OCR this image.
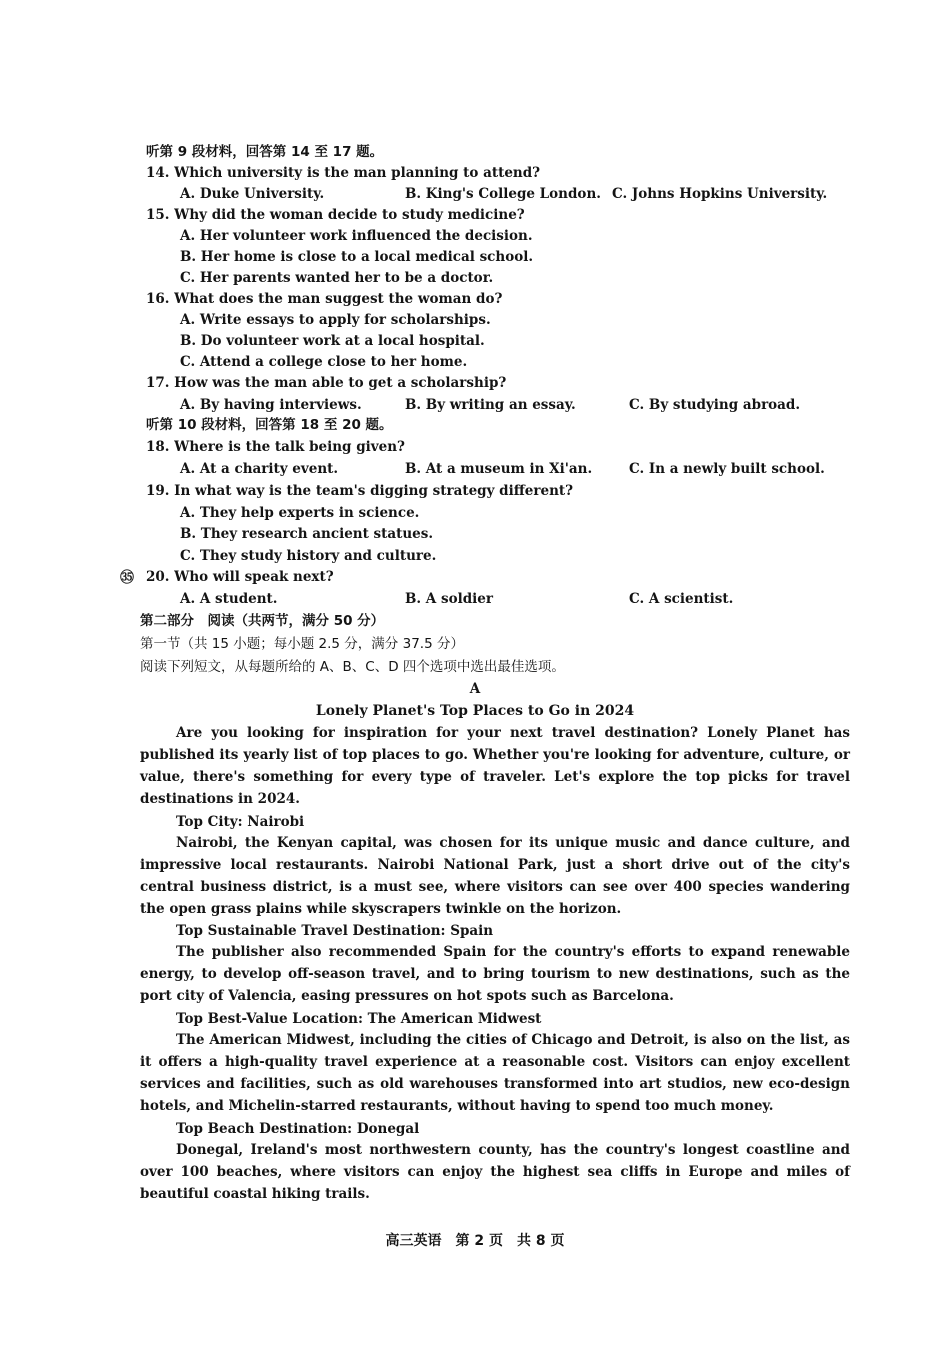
听第 9 段材料，回答第 14 至 17 题。
14. Which university is the man planning to attend?
A. Duke University.	B. King's College London. C. Johns Hopkins University.
15. Why did the woman decide to study medicine?
A. Her volunteer work influenced the decision.
B. Her home is close to a local medical school.
C. Her parents wanted her to be a doctor.
16. What does the man suggest the woman do?
A. Write essays to apply for scholarships.
B. Do volunteer work at a local hospital.
C. Attend a college close to her home.
17. How was the man able to get a scholarship?
A. By having interviews.	B. By writing an essay.	C. By studying abroad.
听第 10 段材料，回答第 18 至 20 题。
18. Where is the talk being given?
A. At a charity event.	B. At a museum in Xi'an.	C. In a newly built school.
19. In what way is the team's digging strategy different?
A. They help experts in science.
B. They research ancient statues.
C. They study history and culture.
㉟ 20. Who will speak next?
A. A student.	B. A soldier	C. A scientist.
第二部分　阅读（共两节，满分 50 分）
第一节（共 15 小题；每小题 2.5 分，满分 37.5 分）
阅读下列短文，从每题所给的 A、B、C、D 四个选项中选出最佳选项。
A
Lonely Planet's Top Places to Go in 2024
Are you looking for inspiration for your next travel destination? Lonely Planet has published its yearly list of top places to go. Whether you're looking for adventure, culture, or value, there's something for every type of traveler. Let's explore the top picks for travel destinations in 2024.
Top City: Nairobi
Nairobi, the Kenyan capital, was chosen for its unique music and dance culture, and impressive local restaurants. Nairobi National Park, just a short drive out of the city's central business district, is a must see, where visitors can see over 400 species wandering the open grass plains while skyscrapers twinkle on the horizon.
Top Sustainable Travel Destination: Spain
The publisher also recommended Spain for the country's efforts to expand renewable energy, to develop off-season travel, and to bring tourism to new destinations, such as the port city of Valencia, easing pressures on hot spots such as Barcelona.
Top Best-Value Location: The American Midwest
The American Midwest, including the cities of Chicago and Detroit, is also on the list, as it offers a high-quality travel experience at a reasonable cost. Visitors can enjoy excellent services and facilities, such as old warehouses transformed into art studios, new eco-design hotels, and Michelin-starred restaurants, without having to spend too much money.
Top Beach Destination: Donegal
Donegal, Ireland's most northwestern county, has the country's longest coastline and over 100 beaches, where visitors can enjoy the highest sea cliffs in Europe and miles of beautiful coastal hiking trails.
高三英语　第 2 页　共 8 页
